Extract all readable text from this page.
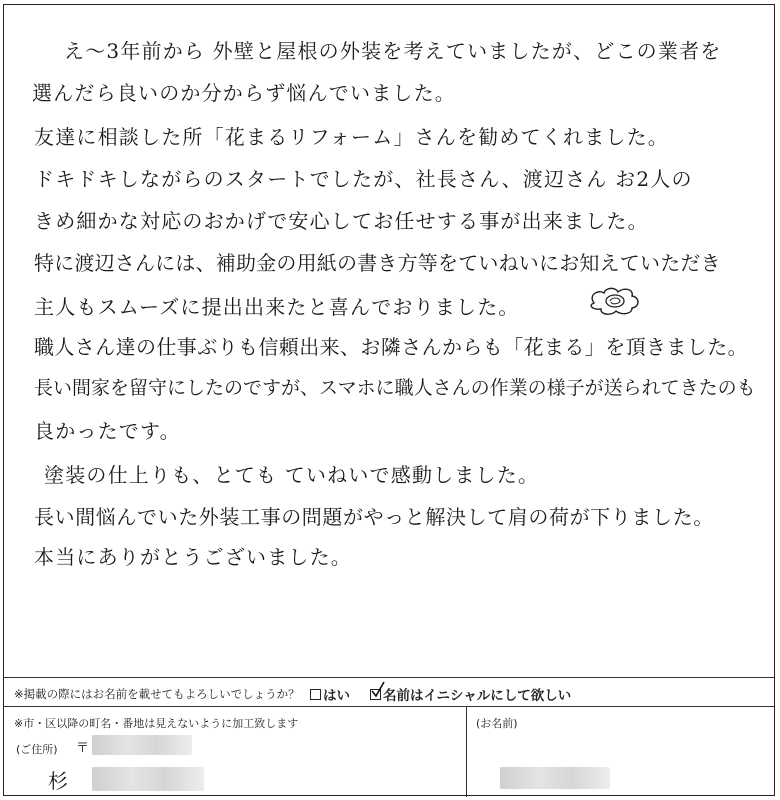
え〜3年前から 外壁と屋根の外装を考えていましたが、どこの業者を
選んだら良いのか分からず悩んでいました。
友達に相談した所「花まるリフォーム」さんを勧めてくれました。
ドキドキしながらのスタートでしたが、社長さん、渡辺さん お2人の
きめ細かな対応のおかげで安心してお任せする事が出来ました。
特に渡辺さんには、補助金の用紙の書き方等をていねいにお知えていただき
主人もスムーズに提出出来たと喜んでおりました。
職人さん達の仕事ぶりも信頼出来、お隣さんからも「花まる」を頂きました。
長い間家を留守にしたのですが、スマホに職人さんの作業の様子が送られてきたのも
良かったです。
塗装の仕上りも、とても ていねいで感動しました。
長い間悩んでいた外装工事の問題がやっと解決して肩の荷が下りました。
本当にありがとうございました。
※掲載の際にはお名前を載せてもよろしいでしょうか？ はい 名前はイニシャルにして欲しい
※市・区以降の町名・番地は見えないように加工致します
(ご住所) 〒
杉
(お名前)
